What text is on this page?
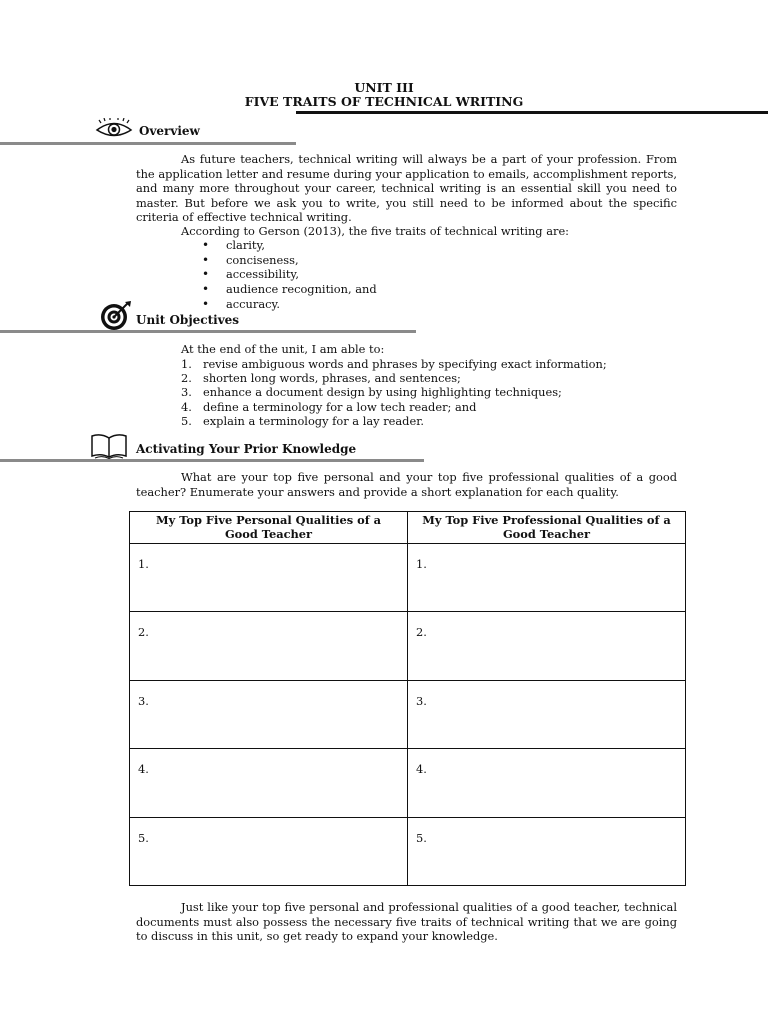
UNIT III
FIVE TRAITS OF TECHNICAL WRITING
Overview
As future teachers, technical writing will always be a part of your profession. From the application letter and resume during your application to emails, accomplishment reports, and many more throughout your career, technical writing is an essential skill you need to master. But before we ask you to write, you still need to be informed about the specific criteria of effective technical writing.
According to Gerson (2013), the five traits of technical writing are:
• clarity,
• conciseness,
• accessibility,
• audience recognition, and
• accuracy.
Unit Objectives
At the end of the unit, I am able to:
1. revise ambiguous words and phrases by specifying exact information;
2. shorten long words, phrases, and sentences;
3. enhance a document design by using highlighting techniques;
4. define a terminology for a low tech reader; and
5. explain a terminology for a lay reader.
Activating Your Prior Knowledge
What are your top five personal and your top five professional qualities of a good teacher? Enumerate your answers and provide a short explanation for each quality.
My Top Five Personal Qualities of a Good Teacher	My Top Five Professional Qualities of a Good Teacher
1.	1.
2.	2.
3.	3.
4.	4.
5.	5.
Just like your top five personal and professional qualities of a good teacher, technical documents must also possess the necessary five traits of technical writing that we are going to discuss in this unit, so get ready to expand your knowledge.
